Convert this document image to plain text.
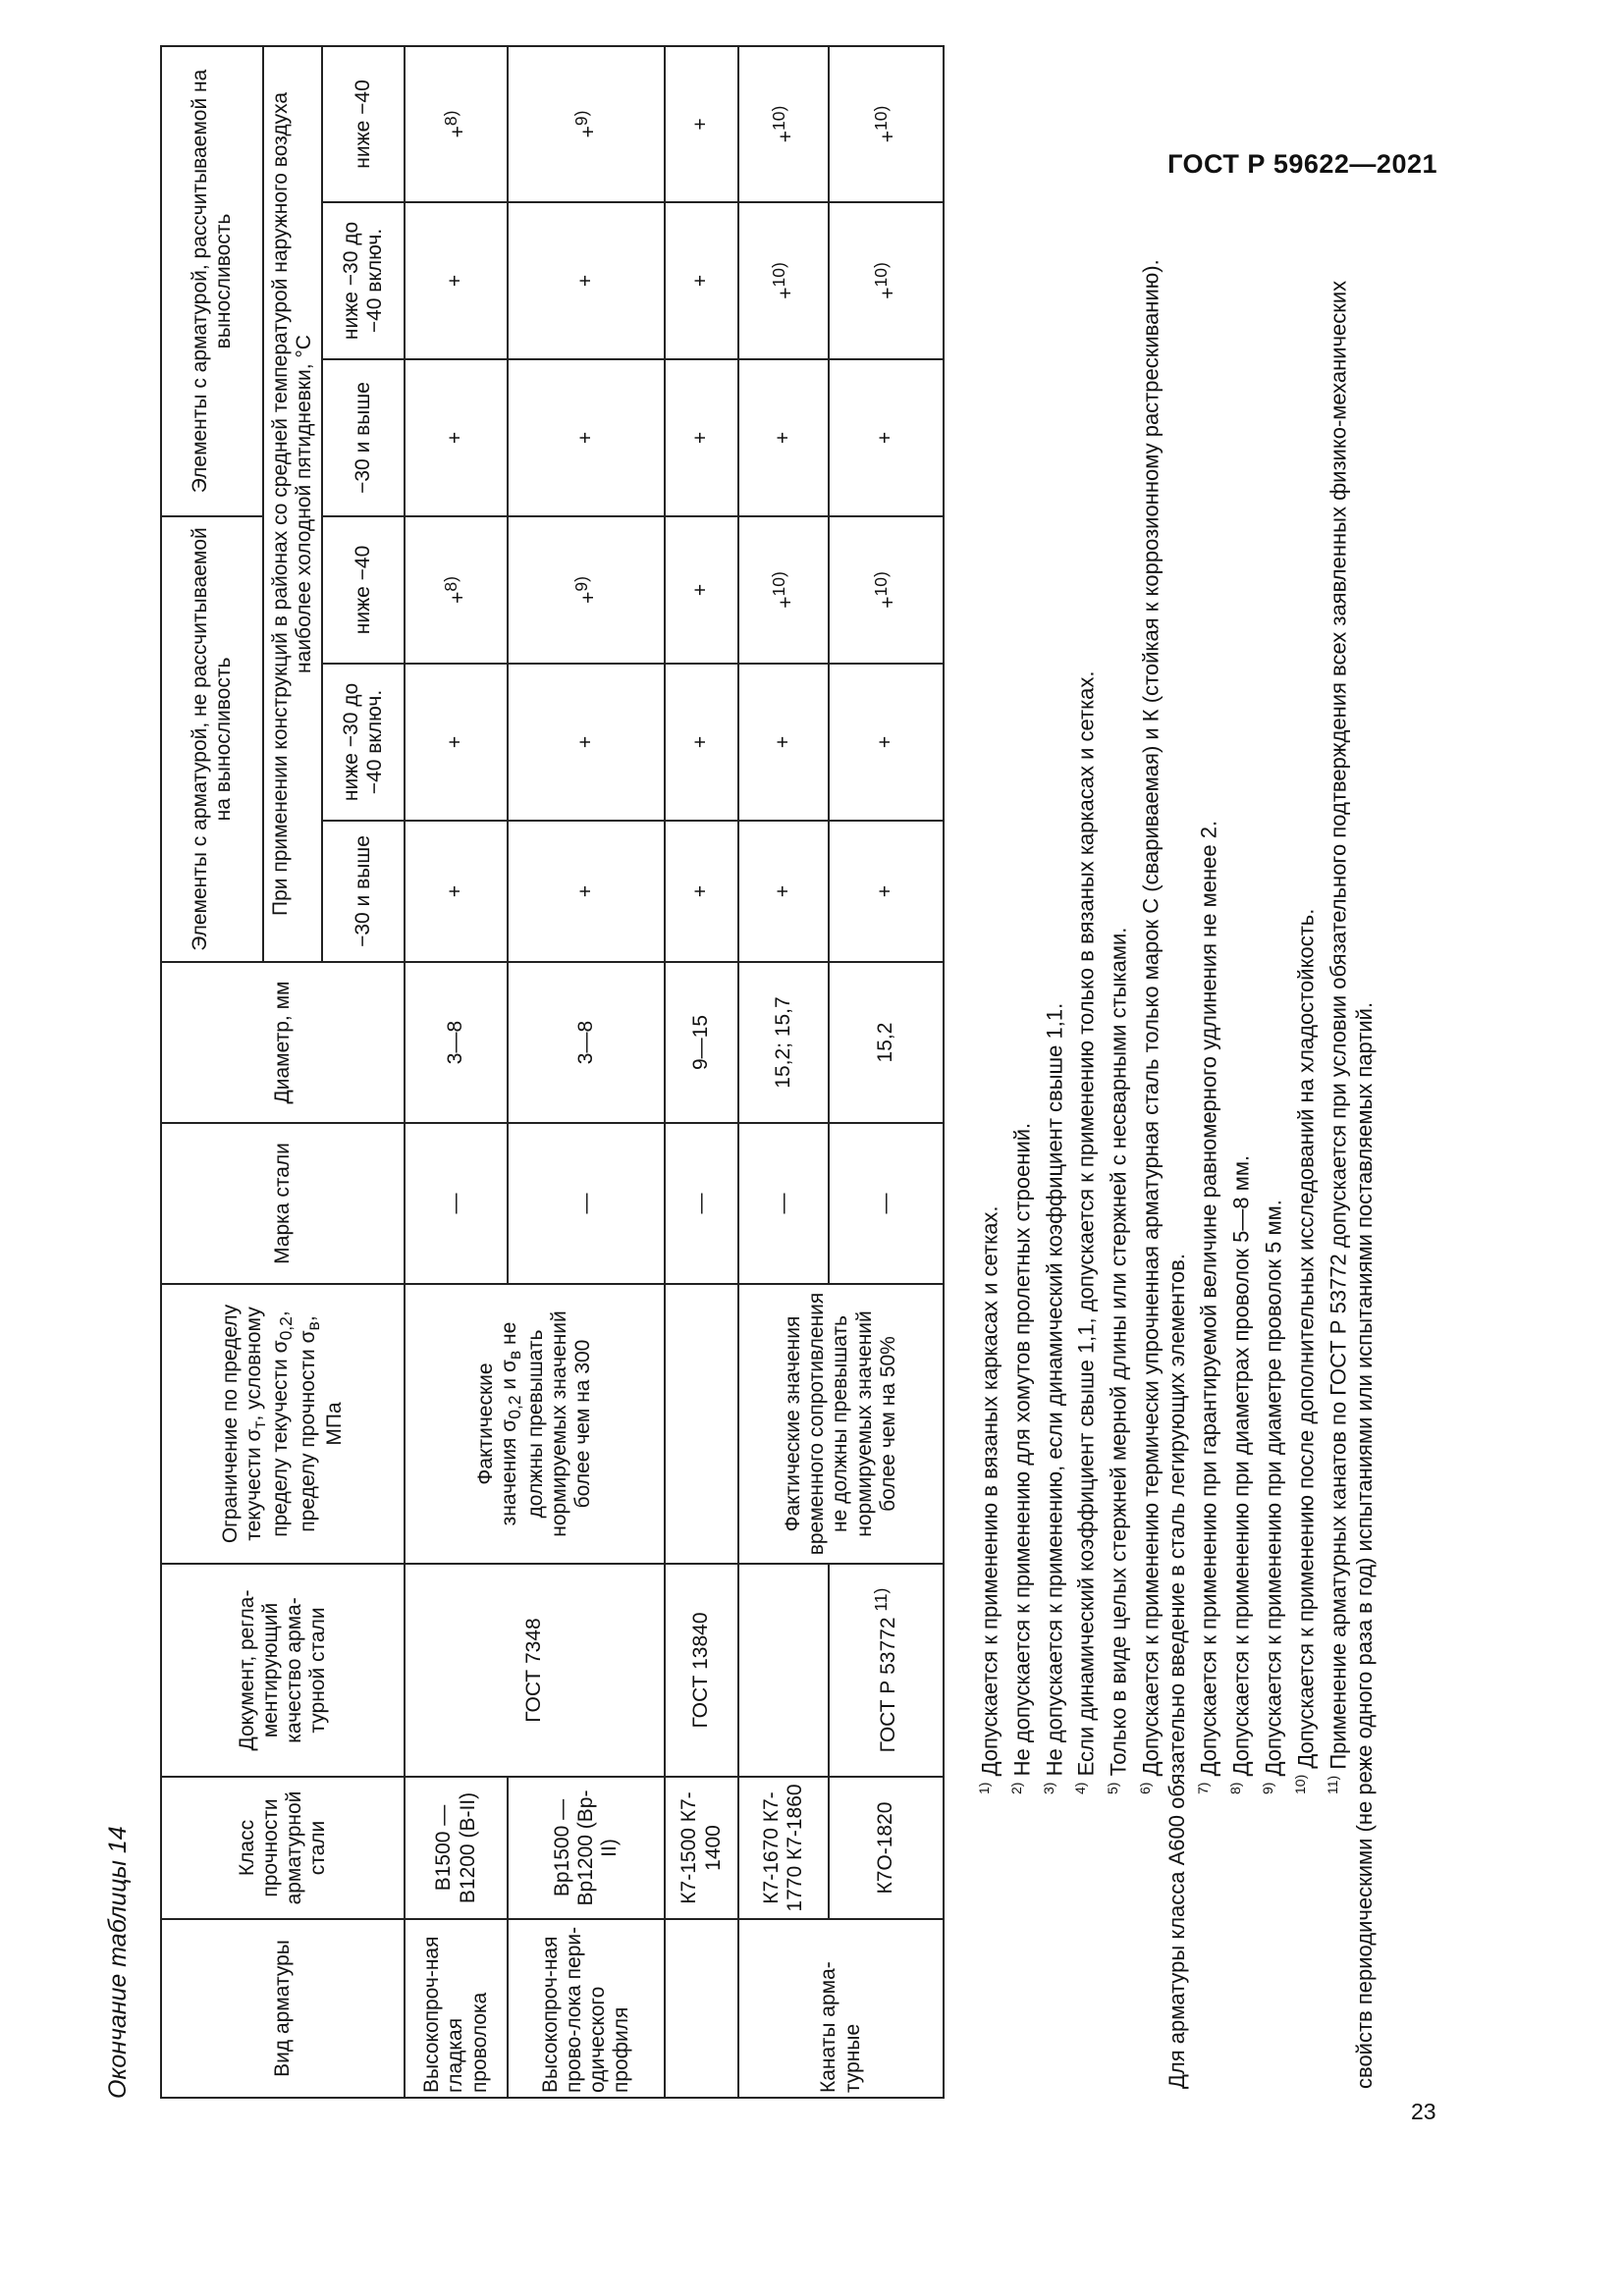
ГОСТ Р 59622—2021
Окончание таблицы 14	Вид арматуры	Класс прочности арматурной стали	Документ, регла-ментирующий качество арма-турной стали	Ограничение по пределу
текучести $\sigma_т$, условному пределу текучести $\sigma_{0,2}$,
пределу прочности $\sigma_в$,
МПа	Марка стали	Диаметр, мм	Элементы с арматурой, не рассчитываемой на выносливость			Элементы с арматурой, рассчитываемой на выносливость		
						При применении конструкций в районах со средней температурой наружного воздуха наиболее холодной пятидневки, °С					
						−30 и выше	ниже −30 до −40 включ.	ниже −40	−30 и выше	ниже −30 до −40 включ.	ниже −40
Высокопроч-ная гладкая проволока	В1500 — В1200 (В-II)	ГОСТ 7348	Фактические
значения $\sigma_{0,2}$ и $\sigma_в$ не должны превышать нормируемых значений более чем на 300	—	3—8	+	+	+$^{8)}$	+	+	+$^{8)}$
Высокопроч-ная прово-лока пери-одического профиля	Вр1500 — Вр1200 (Вр-II)			—	3—8	+	+	+$^{9)}$	+	+	+$^{9)}$
	К7-1500 К7-1400	ГОСТ 13840		—	9—15	+	+	+	+	+	+
Канаты арма-турные	К7-1670 К7-1770 К7-1860		Фактические значения временного сопротивления не должны превышать нормируемых значений более чем на 50%	—	15,2; 15,7	+	+	+$^{10)}$	+	+$^{10)}$	+$^{10)}$
	К7О-1820	ГОСТ Р 53772 $^{11)}$		—	15,2	+	+	+$^{10)}$	+	+$^{10)}$	+$^{10)}$
$^{1)}$ Допускается к применению в вязаных каркасах и сетках.
$^{2)}$ Не допускается к применению для хомутов пролетных строений.
$^{3)}$ Не допускается к применению, если динамический коэффициент свыше 1,1.
$^{4)}$ Если динамический коэффициент свыше 1,1, допускается к применению только в вязаных каркасах и сетках.
$^{5)}$ Только в виде целых стержней мерной длины или стержней с несварными стыками.
$^{6)}$ Допускается к применению термически упрочненная арматурная сталь только марок С (свариваемая) и К (стойкая к коррозионному растрескиванию). Для арматуры класса А600 обязательно введение в сталь легирующих элементов. $^{7)}$ Допускается к применению при гарантируемой величине равномерного удлинения не менее 2.
$^{8)}$ Допускается к применению при диаметрах проволок 5—8 мм.
$^{9)}$ Допускается к применению при диаметре проволок 5 мм.
$^{10)}$ Допускается к применению после дополнительных исследований на хладостойкость.
$^{11)}$ Применение арматурных канатов по ГОСТ Р 53772 допускается при условии обязательного подтверждения всех заявленных физико-механических свойств периодическими (не реже одного раза в год) испытаниями или испытаниями поставляемых партий.
23
